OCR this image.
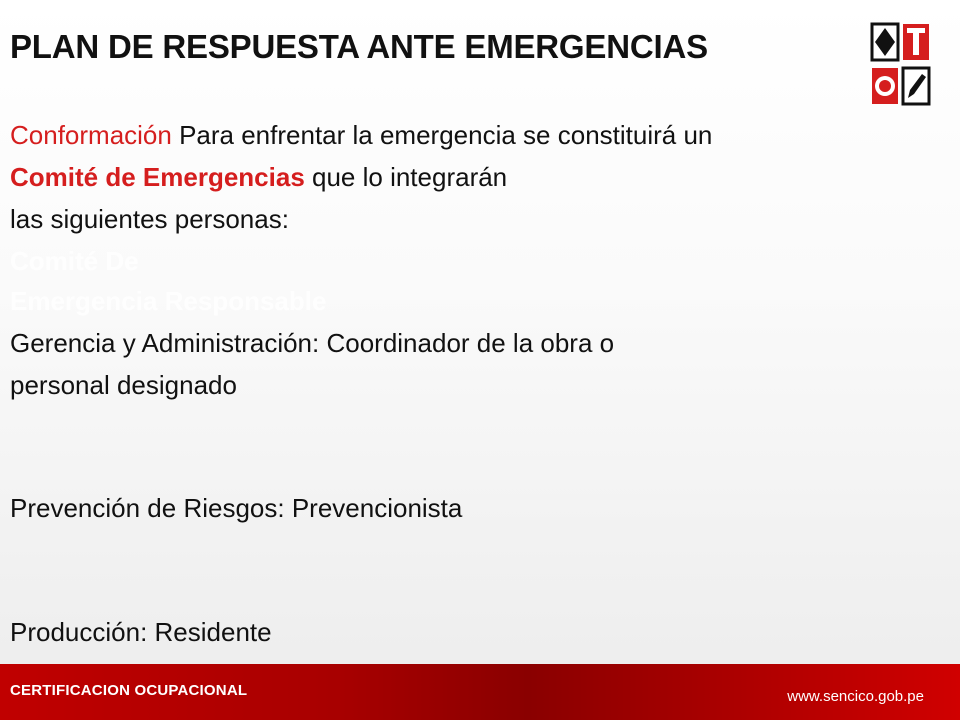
PLAN DE RESPUESTA ANTE EMERGENCIAS
Conformación Para enfrentar la emergencia se constituirá un
Comité de Emergencias que lo integrarán
las siguientes personas:
Comité De
Emergencia Responsable
Gerencia y Administración: Coordinador de la obra o
personal designado
Prevención de Riesgos: Prevencionista
Producción: Residente
CERTIFICACION OCUPACIONAL	www.sencico.gob.pe
